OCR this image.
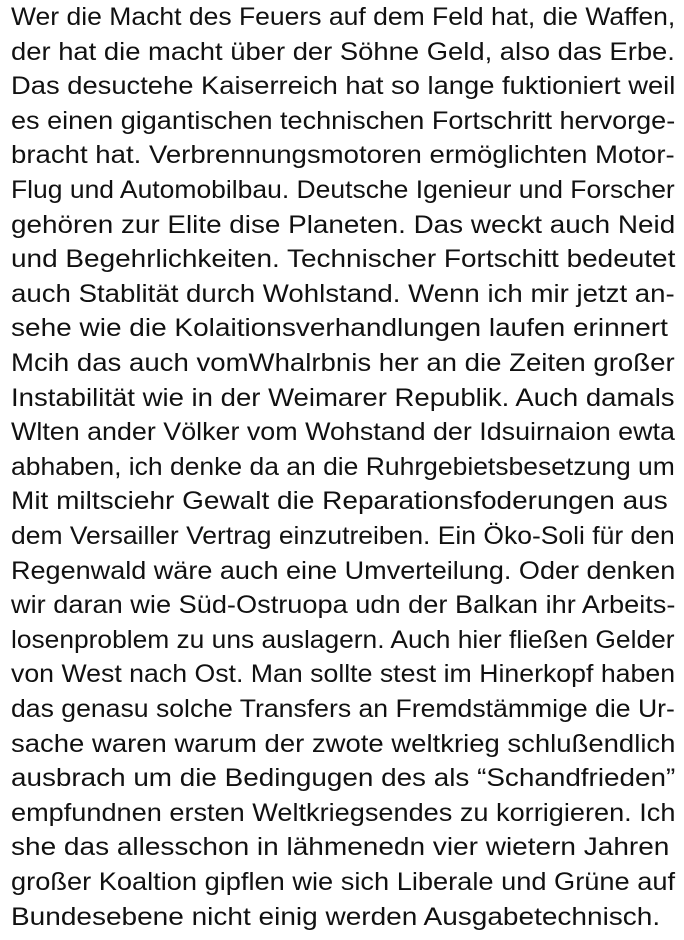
Wer die Macht des Feuers auf dem Feld hat, die Waffen,
der hat die macht über der Söhne Geld, also das Erbe.
Das desuctehe Kaiserreich hat so lange fuktioniert weil
es einen gigantischen technischen Fortschritt hervorge-
bracht hat. Verbrennungsmotoren ermöglichten Motor-
Flug und Automobilbau. Deutsche Igenieur und Forscher
gehören zur Elite dise Planeten. Das weckt auch Neid
und Begehrlichkeiten. Technischer Fortschitt bedeutet
auch Stablität durch Wohlstand. Wenn ich mir jetzt an-
sehe wie die Kolaitionsverhandlungen laufen erinnert
Mcih das auch vomWhalrbnis her an die Zeiten großer
Instabilität wie in der Weimarer Republik. Auch damals
Wlten ander Völker vom Wohstand der Idsuirnaion ewta
abhaben, ich denke da an die Ruhrgebietsbesetzung um
Mit miltsciehr Gewalt die Reparationsfoderungen aus
dem Versailler Vertrag einzutreiben. Ein Öko-Soli für den
Regenwald wäre auch eine Umverteilung. Oder denken
wir daran wie Süd-Ostruopa udn der Balkan ihr Arbeits-
losenproblem zu uns auslagern. Auch hier fließen Gelder
von West nach Ost. Man sollte stest im Hinerkopf haben
das genasu solche Transfers an Fremdstämmige die Ur-
sache waren warum der zwote weltkrieg schlußendlich
ausbrach um die Bedingugen des als “Schandfrieden”
empfundnen ersten Weltkriegsendes zu korrigieren. Ich
she das allesschon in lähmenedn vier wietern Jahren
großer Koaltion gipflen wie sich Liberale und Grüne auf
Bundesebene nicht einig werden Ausgabetechnisch.
